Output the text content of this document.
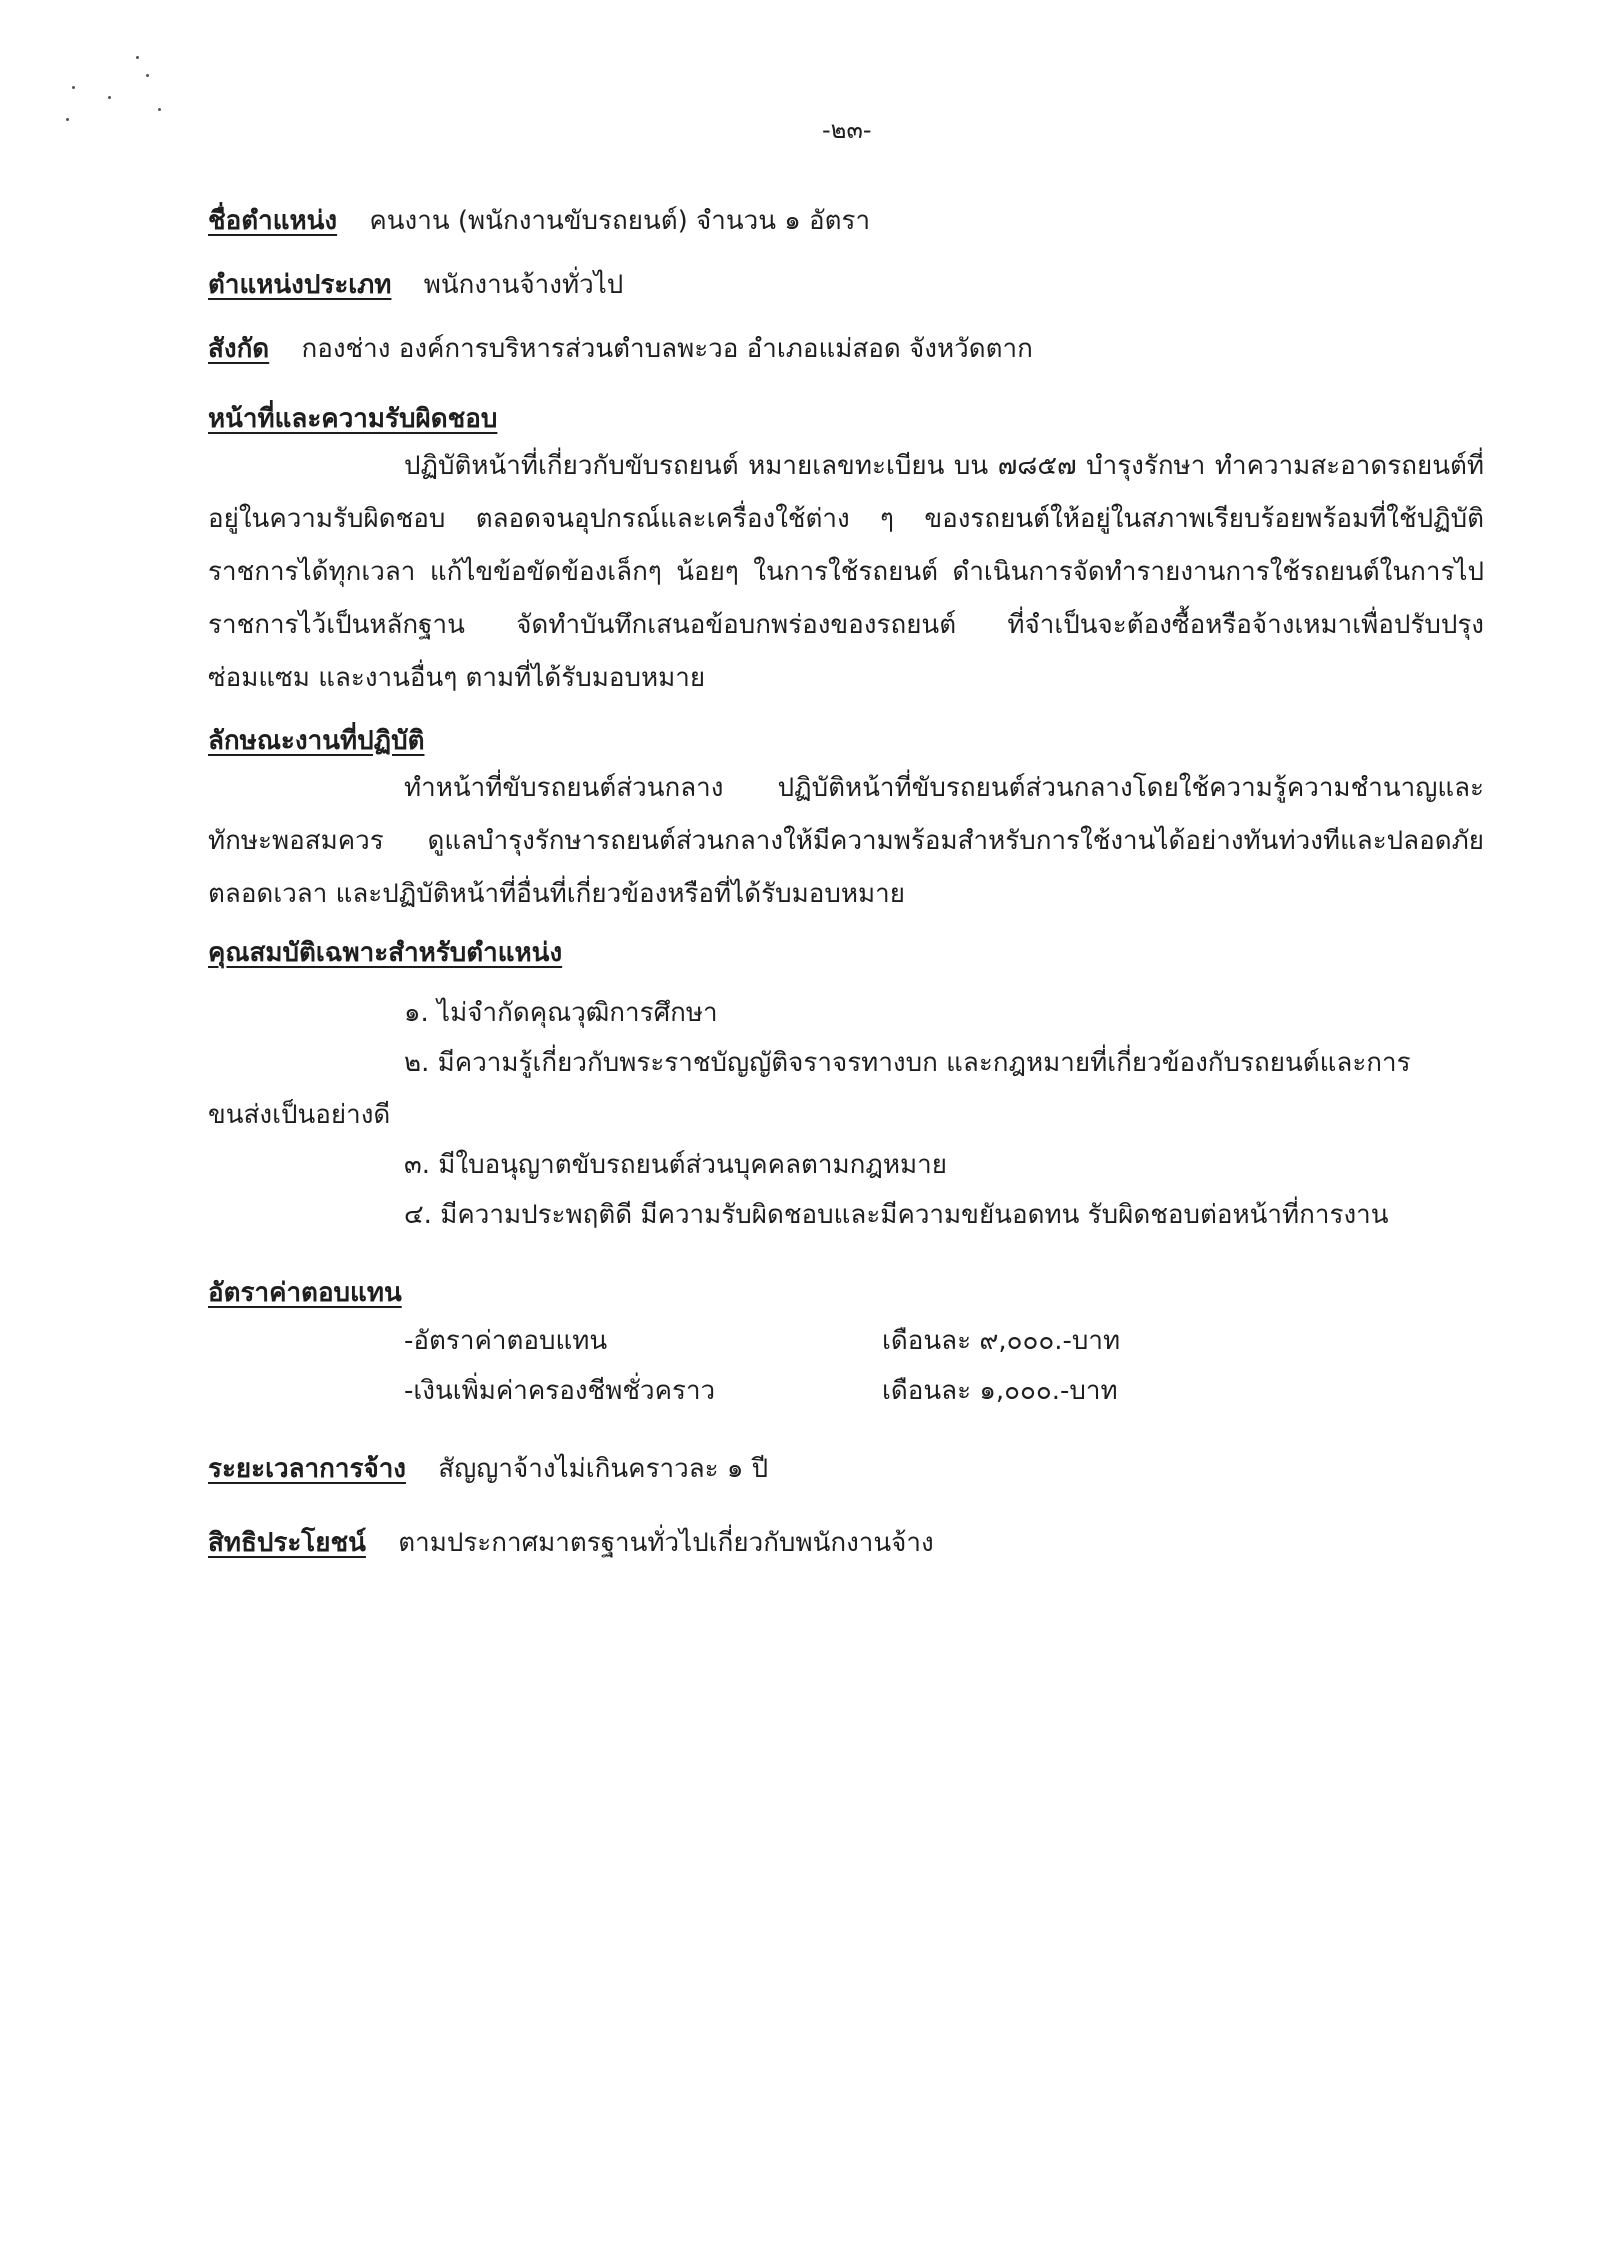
-๒๓-
ชื่อตำแหน่ง คนงาน (พนักงานขับรถยนต์) จำนวน ๑ อัตรา
ตำแหน่งประเภท พนักงานจ้างทั่วไป
สังกัด กองช่าง องค์การบริหารส่วนตำบลพะวอ อำเภอแม่สอด จังหวัดตาก
หน้าที่และความรับผิดชอบ
ปฏิบัติหน้าที่เกี่ยวกับขับรถยนต์ หมายเลขทะเบียน บน ๗๘๕๗ บำรุงรักษา ทำความสะอาดรถยนต์ที่อยู่ในความรับผิดชอบ ตลอดจนอุปกรณ์และเครื่องใช้ต่าง ๆ ของรถยนต์ให้อยู่ในสภาพเรียบร้อยพร้อมที่ใช้ปฏิบัติราชการได้ทุกเวลา แก้ไขข้อขัดข้องเล็กๆ น้อยๆ ในการใช้รถยนต์ ดำเนินการจัดทำรายงานการใช้รถยนต์ในการไปราชการไว้เป็นหลักฐาน จัดทำบันทึกเสนอข้อบกพร่องของรถยนต์ ที่จำเป็นจะต้องซื้อหรือจ้างเหมาเพื่อปรับปรุงซ่อมแซม และงานอื่นๆ ตามที่ได้รับมอบหมาย
ลักษณะงานที่ปฏิบัติ
ทำหน้าที่ขับรถยนต์ส่วนกลาง ปฏิบัติหน้าที่ขับรถยนต์ส่วนกลางโดยใช้ความรู้ความชำนาญและทักษะพอสมควร ดูแลบำรุงรักษารถยนต์ส่วนกลางให้มีความพร้อมสำหรับการใช้งานได้อย่างทันท่วงทีและปลอดภัยตลอดเวลา และปฏิบัติหน้าที่อื่นที่เกี่ยวข้องหรือที่ได้รับมอบหมาย
คุณสมบัติเฉพาะสำหรับตำแหน่ง
๑. ไม่จำกัดคุณวุฒิการศึกษา
๒. มีความรู้เกี่ยวกับพระราชบัญญัติจราจรทางบก และกฎหมายที่เกี่ยวข้องกับรถยนต์และการ
ขนส่งเป็นอย่างดี
๓. มีใบอนุญาตขับรถยนต์ส่วนบุคคลตามกฎหมาย
๔. มีความประพฤติดี มีความรับผิดชอบและมีความขยันอดทน รับผิดชอบต่อหน้าที่การงาน
อัตราค่าตอบแทน
-อัตราค่าตอบแทน	เดือนละ ๙,๐๐๐.-บาท
-เงินเพิ่มค่าครองชีพชั่วคราว	เดือนละ ๑,๐๐๐.-บาท
ระยะเวลาการจ้าง สัญญาจ้างไม่เกินคราวละ ๑ ปี
สิทธิประโยชน์ ตามประกาศมาตรฐานทั่วไปเกี่ยวกับพนักงานจ้าง
